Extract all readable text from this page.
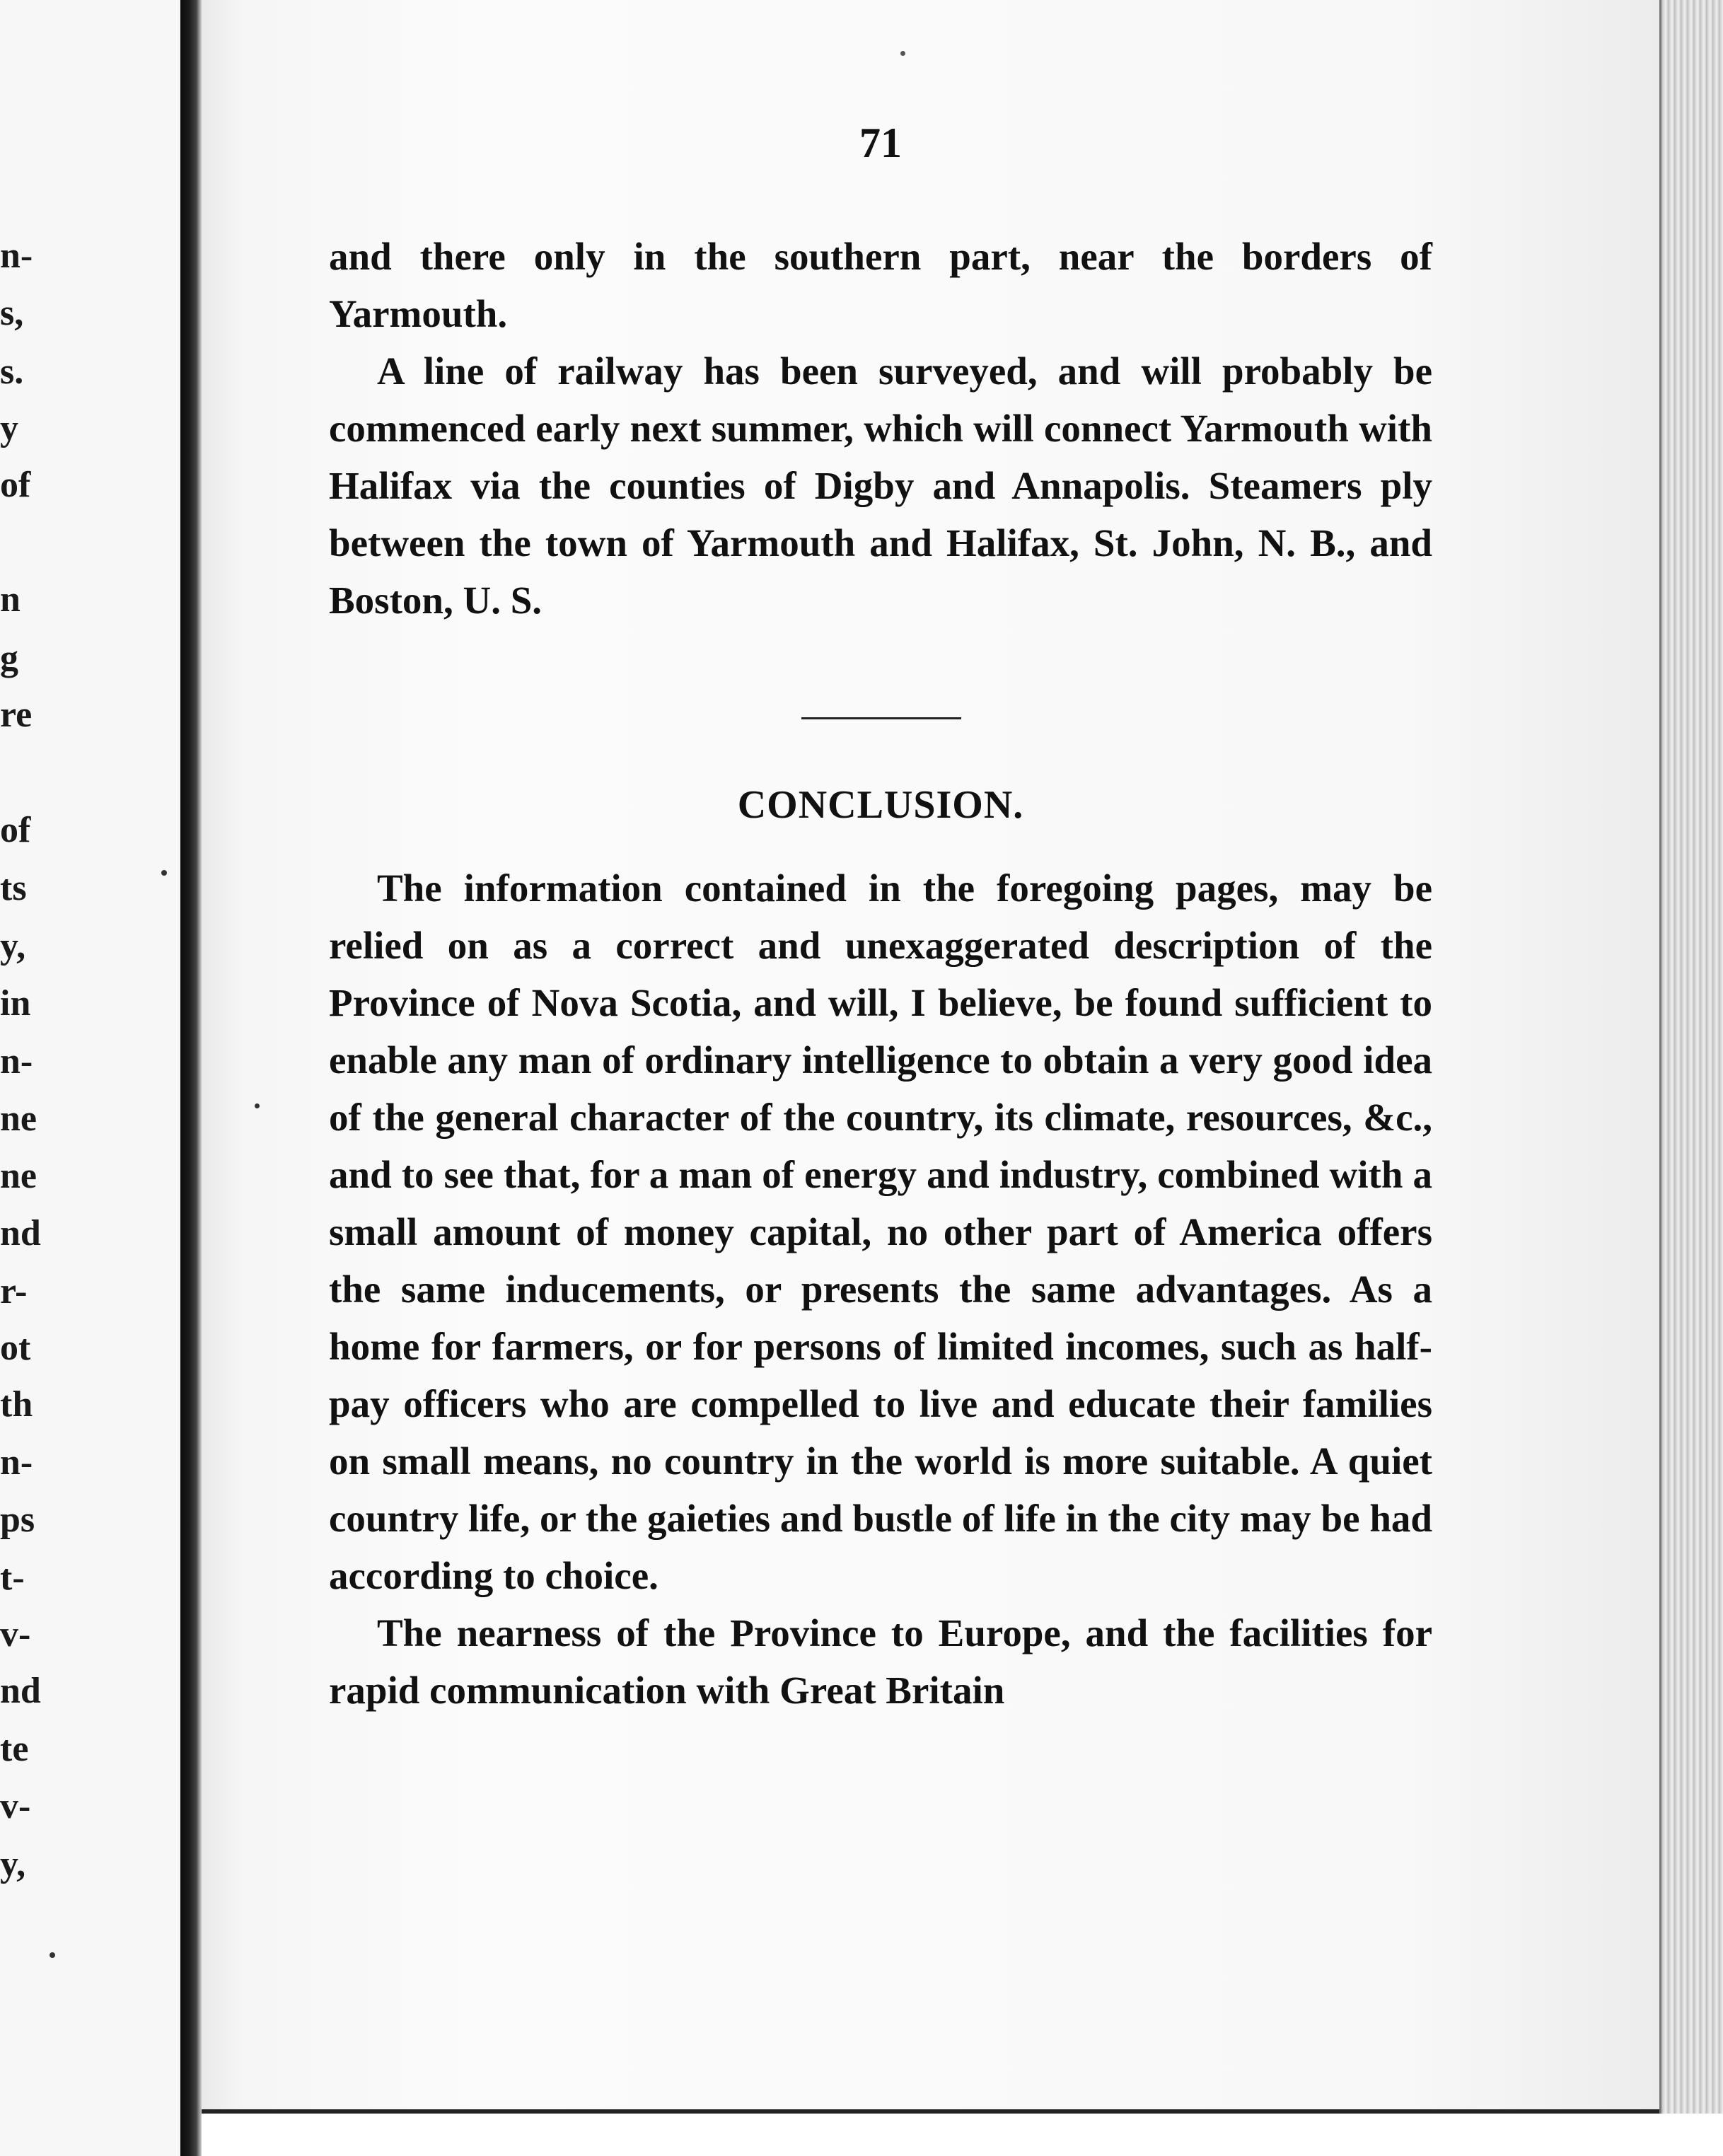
n-
s,
s.
y
of
n
g
re
of
ts
y,
in
n-
ne
ne
nd
r-
ot
th
n-
ps
t-
v-
nd
te
v-
y,
71

and there only in the southern part, near the borders of Yarmouth.

A line of railway has been surveyed, and will probably be commenced early next summer, which will connect Yarmouth with Halifax via the counties of Digby and Annapolis. Steamers ply between the town of Yarmouth and Halifax, St. John, N. B., and Boston, U. S.

CONCLUSION.

The information contained in the foregoing pages, may be relied on as a correct and unexaggerated description of the Province of Nova Scotia, and will, I believe, be found sufficient to enable any man of ordinary intelligence to obtain a very good idea of the general character of the country, its climate, resources, &c., and to see that, for a man of energy and industry, combined with a small amount of money capital, no other part of America offers the same inducements, or presents the same advantages. As a home for farmers, or for persons of limited incomes, such as half-pay officers who are compelled to live and educate their families on small means, no country in the world is more suitable. A quiet country life, or the gaieties and bustle of life in the city may be had according to choice.

The nearness of the Province to Europe, and the facilities for rapid communication with Great Britain
